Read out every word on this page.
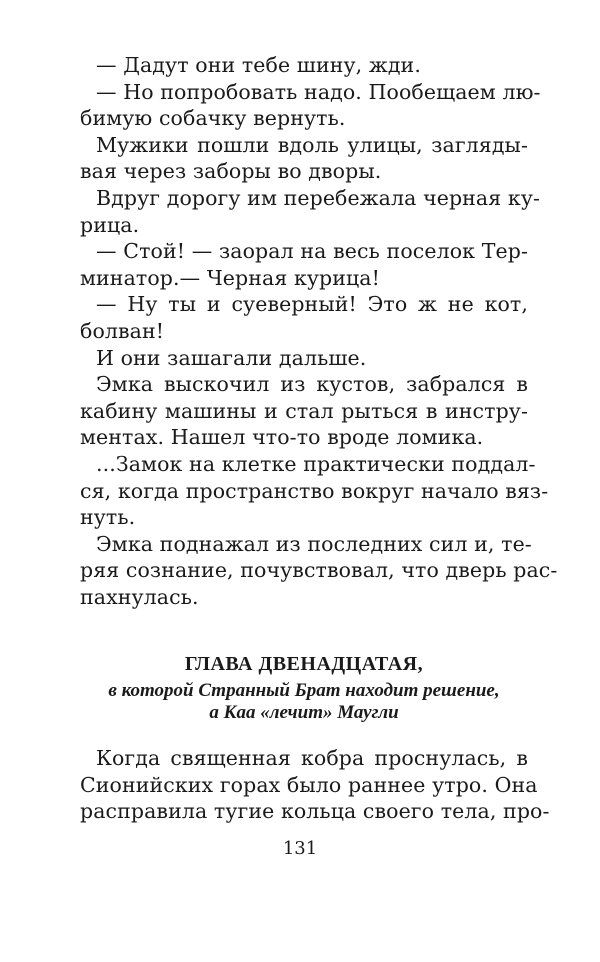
— Дадут они тебе шину, жди.
— Но попробовать надо. Пообещаем лю-
бимую собачку вернуть.
Мужики пошли вдоль улицы, загляды-
вая через заборы во дворы.
Вдруг дорогу им перебежала черная ку-
рица.
— Стой! — заорал на весь поселок Тер-
минатор.— Черная курица!
— Ну ты и суеверный! Это ж не кот,
болван!
И они зашагали дальше.
Эмка выскочил из кустов, забрался в
кабину машины и стал рыться в инстру-
ментах. Нашел что-то вроде ломика.
...Замок на клетке практически поддал-
ся, когда пространство вокруг начало вяз-
нуть.
Эмка поднажал из последних сил и, те-
ряя сознание, почувствовал, что дверь рас-
пахнулась.
ГЛАВА ДВЕНАДЦАТАЯ,
в которой Странный Брат находит решение,
а Каа «лечит» Маугли
Когда священная кобра проснулась, в
Сионийских горах было раннее утро. Она
расправила тугие кольца своего тела, про-
131
